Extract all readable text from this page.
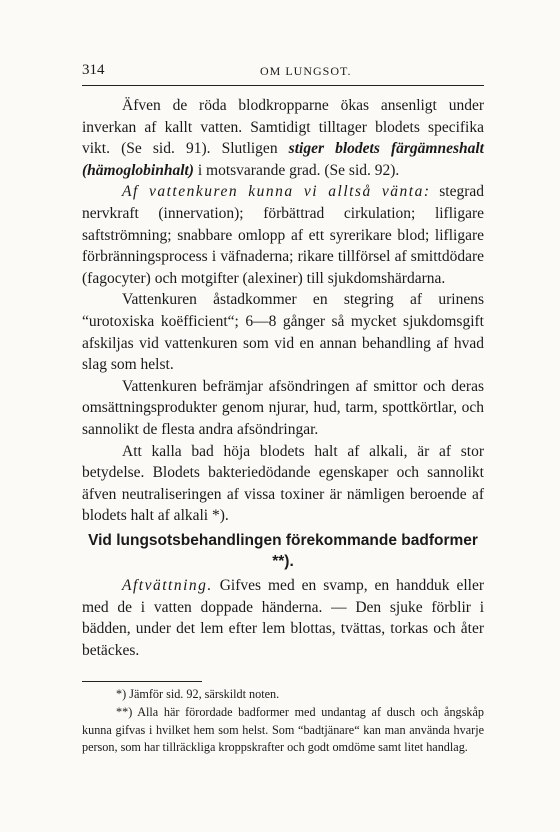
314	OM LUNGSOT.

Äfven de röda blodkropparne ökas ansenligt under inverkan af kallt vatten. Samtidigt tilltager blodets specifika vikt. (Se sid. 91). Slutligen stiger blodets färgämneshalt (hämoglobinhalt) i motsvarande grad. (Se sid. 92).

Af vattenkuren kunna vi alltså vänta: stegrad nervkraft (innervation); förbättrad cirkulation; lifligare saftströmning; snabbare omlopp af ett syrerikare blod; lifligare förbränningsprocess i väfnaderna; rikare tillförsel af smittdödare (fagocyter) och motgifter (alexiner) till sjukdomshärdarna.

Vattenkuren åstadkommer en stegring af urinens “urotoxiska koëfficient“; 6—8 gånger så mycket sjukdomsgift afskiljas vid vattenkuren som vid en annan behandling af hvad slag som helst.

Vattenkuren befrämjar afsöndringen af smittor och deras omsättningsprodukter genom njurar, hud, tarm, spottkörtlar, och sannolikt de flesta andra afsöndringar.

Att kalla bad höja blodets halt af alkali, är af stor betydelse. Blodets bakteriedödande egenskaper och sannolikt äfven neutraliseringen af vissa toxiner är nämligen beroende af blodets halt af alkali *).

Vid lungsotsbehandlingen förekommande badformer **).

Aftvättning. Gifves med en svamp, en handduk eller med de i vatten doppade händerna. — Den sjuke förblir i bädden, under det lem efter lem blottas, tvättas, torkas och åter betäckes.

*) Jämför sid. 92, särskildt noten.

**) Alla här förordade badformer med undantag af dusch och ångskåp kunna gifvas i hvilket hem som helst. Som “badtjänare“ kan man använda hvarje person, som har tillräckliga kroppskrafter och godt omdöme samt litet handlag.
